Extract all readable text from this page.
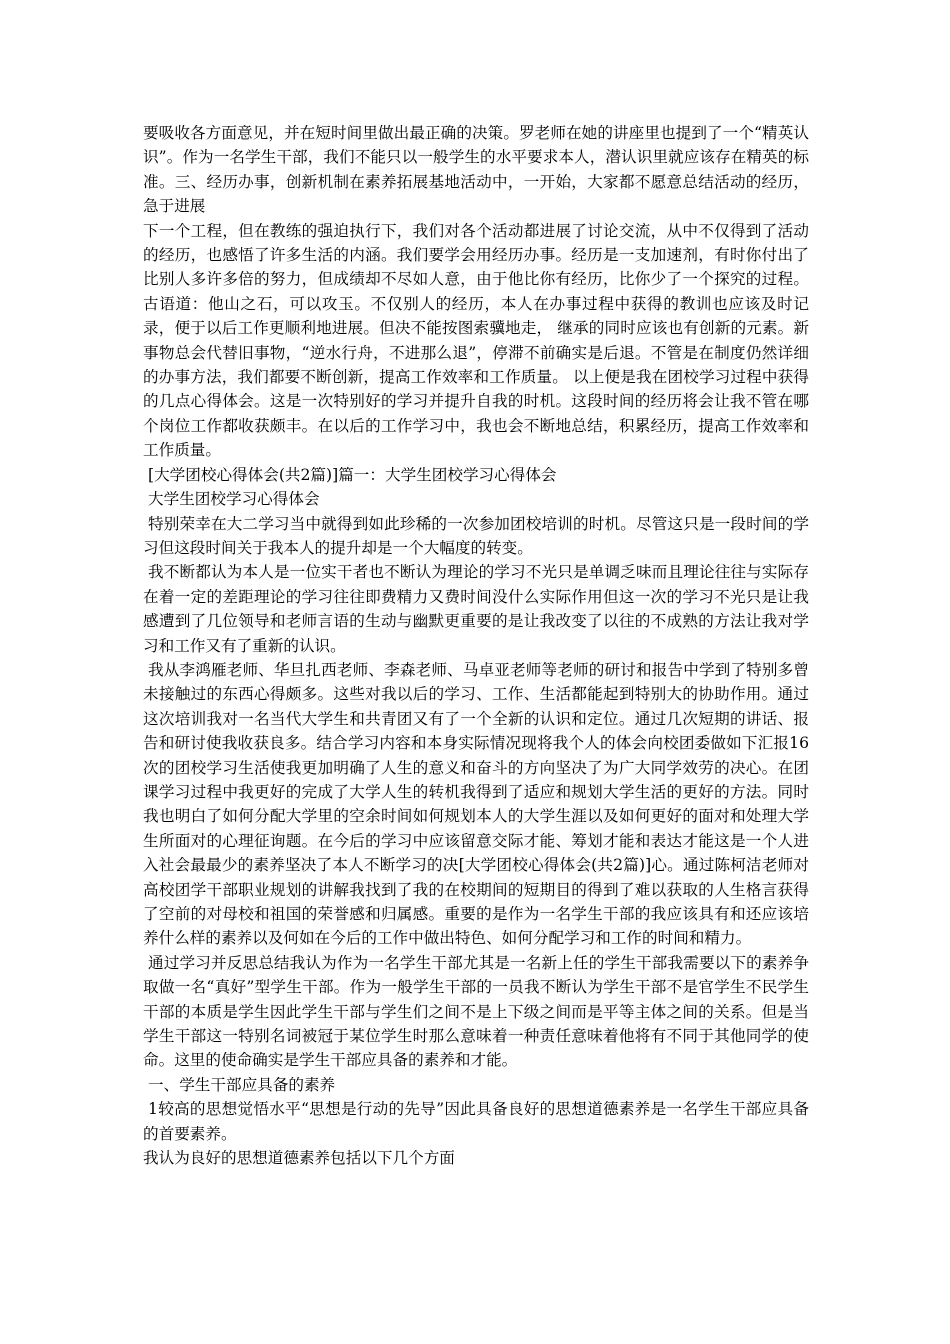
要吸收各方面意见，并在短时间里做出最正确的决策。罗老师在她的讲座里也提到了一个“精英认识”。作为一名学生干部，我们不能只以一般学生的水平要求本人，潜认识里就应该存在精英的标准。三、经历办事，创新机制在素养拓展基地活动中，一开始，大家都不愿意总结活动的经历，急于进展

下一个工程，但在教练的强迫执行下，我们对各个活动都进展了讨论交流，从中不仅得到了活动的经历，也感悟了许多生活的内涵。我们要学会用经历办事。经历是一支加速剂，有时你付出了比别人多许多倍的努力，但成绩却不尽如人意，由于他比你有经历，比你少了一个探究的过程。古语道：他山之石，可以攻玉。不仅别人的经历，本人在办事过程中获得的教训也应该及时记录，便于以后工作更顺利地进展。但决不能按图索骥地走， 继承的同时应该也有创新的元素。新事物总会代替旧事物，“逆水行舟，不进那么退”，停滞不前确实是后退。不管是在制度仍然详细的办事方法，我们都要不断创新，提高工作效率和工作质量。 以上便是我在团校学习过程中获得的几点心得体会。这是一次特别好的学习并提升自我的时机。这段时间的经历将会让我不管在哪个岗位工作都收获颇丰。在以后的工作学习中，我也会不断地总结，积累经历，提高工作效率和工作质量。

[大学团校心得体会(共2篇)]篇一：大学生团校学习心得体会

大学生团校学习心得体会

特别荣幸在大二学习当中就得到如此珍稀的一次参加团校培训的时机。尽管这只是一段时间的学习但这段时间关于我本人的提升却是一个大幅度的转变。

我不断都认为本人是一位实干者也不断认为理论的学习不光只是单调乏味而且理论往往与实际存在着一定的差距理论的学习往往即费精力又费时间没什么实际作用但这一次的学习不光只是让我感遭到了几位领导和老师言语的生动与幽默更重要的是让我改变了以往的不成熟的方法让我对学习和工作又有了重新的认识。

我从李鸿雁老师、华旦扎西老师、李森老师、马卓亚老师等老师的研讨和报告中学到了特别多曾未接触过的东西心得颇多。这些对我以后的学习、工作、生活都能起到特别大的协助作用。通过这次培训我对一名当代大学生和共青团又有了一个全新的认识和定位。通过几次短期的讲话、报告和研讨使我收获良多。结合学习内容和本身实际情况现将我个人的体会向校团委做如下汇报16次的团校学习生活使我更加明确了人生的意义和奋斗的方向坚决了为广大同学效劳的决心。在团课学习过程中我更好的完成了大学人生的转机我得到了适应和规划大学生活的更好的方法。同时我也明白了如何分配大学里的空余时间如何规划本人的大学生涯以及如何更好的面对和处理大学生所面对的心理征询题。在今后的学习中应该留意交际才能、筹划才能和表达才能这是一个人进入社会最最少的素养坚决了本人不断学习的决[大学团校心得体会(共2篇)]心。通过陈柯洁老师对高校团学干部职业规划的讲解我找到了我的在校期间的短期目的得到了难以获取的人生格言获得了空前的对母校和祖国的荣誉感和归属感。重要的是作为一名学生干部的我应该具有和还应该培养什么样的素养以及何如在今后的工作中做出特色、如何分配学习和工作的时间和精力。

通过学习并反思总结我认为作为一名学生干部尤其是一名新上任的学生干部我需要以下的素养争取做一名“真好”型学生干部。作为一般学生干部的一员我不断认为学生干部不是官学生不民学生干部的本质是学生因此学生干部与学生们之间不是上下级之间而是平等主体之间的关系。但是当学生干部这一特别名词被冠于某位学生时那么意味着一种责任意味着他将有不同于其他同学的使命。这里的使命确实是学生干部应具备的素养和才能。

一、学生干部应具备的素养

1较高的思想觉悟水平“思想是行动的先导”因此具备良好的思想道德素养是一名学生干部应具备的首要素养。

我认为良好的思想道德素养包括以下几个方面
